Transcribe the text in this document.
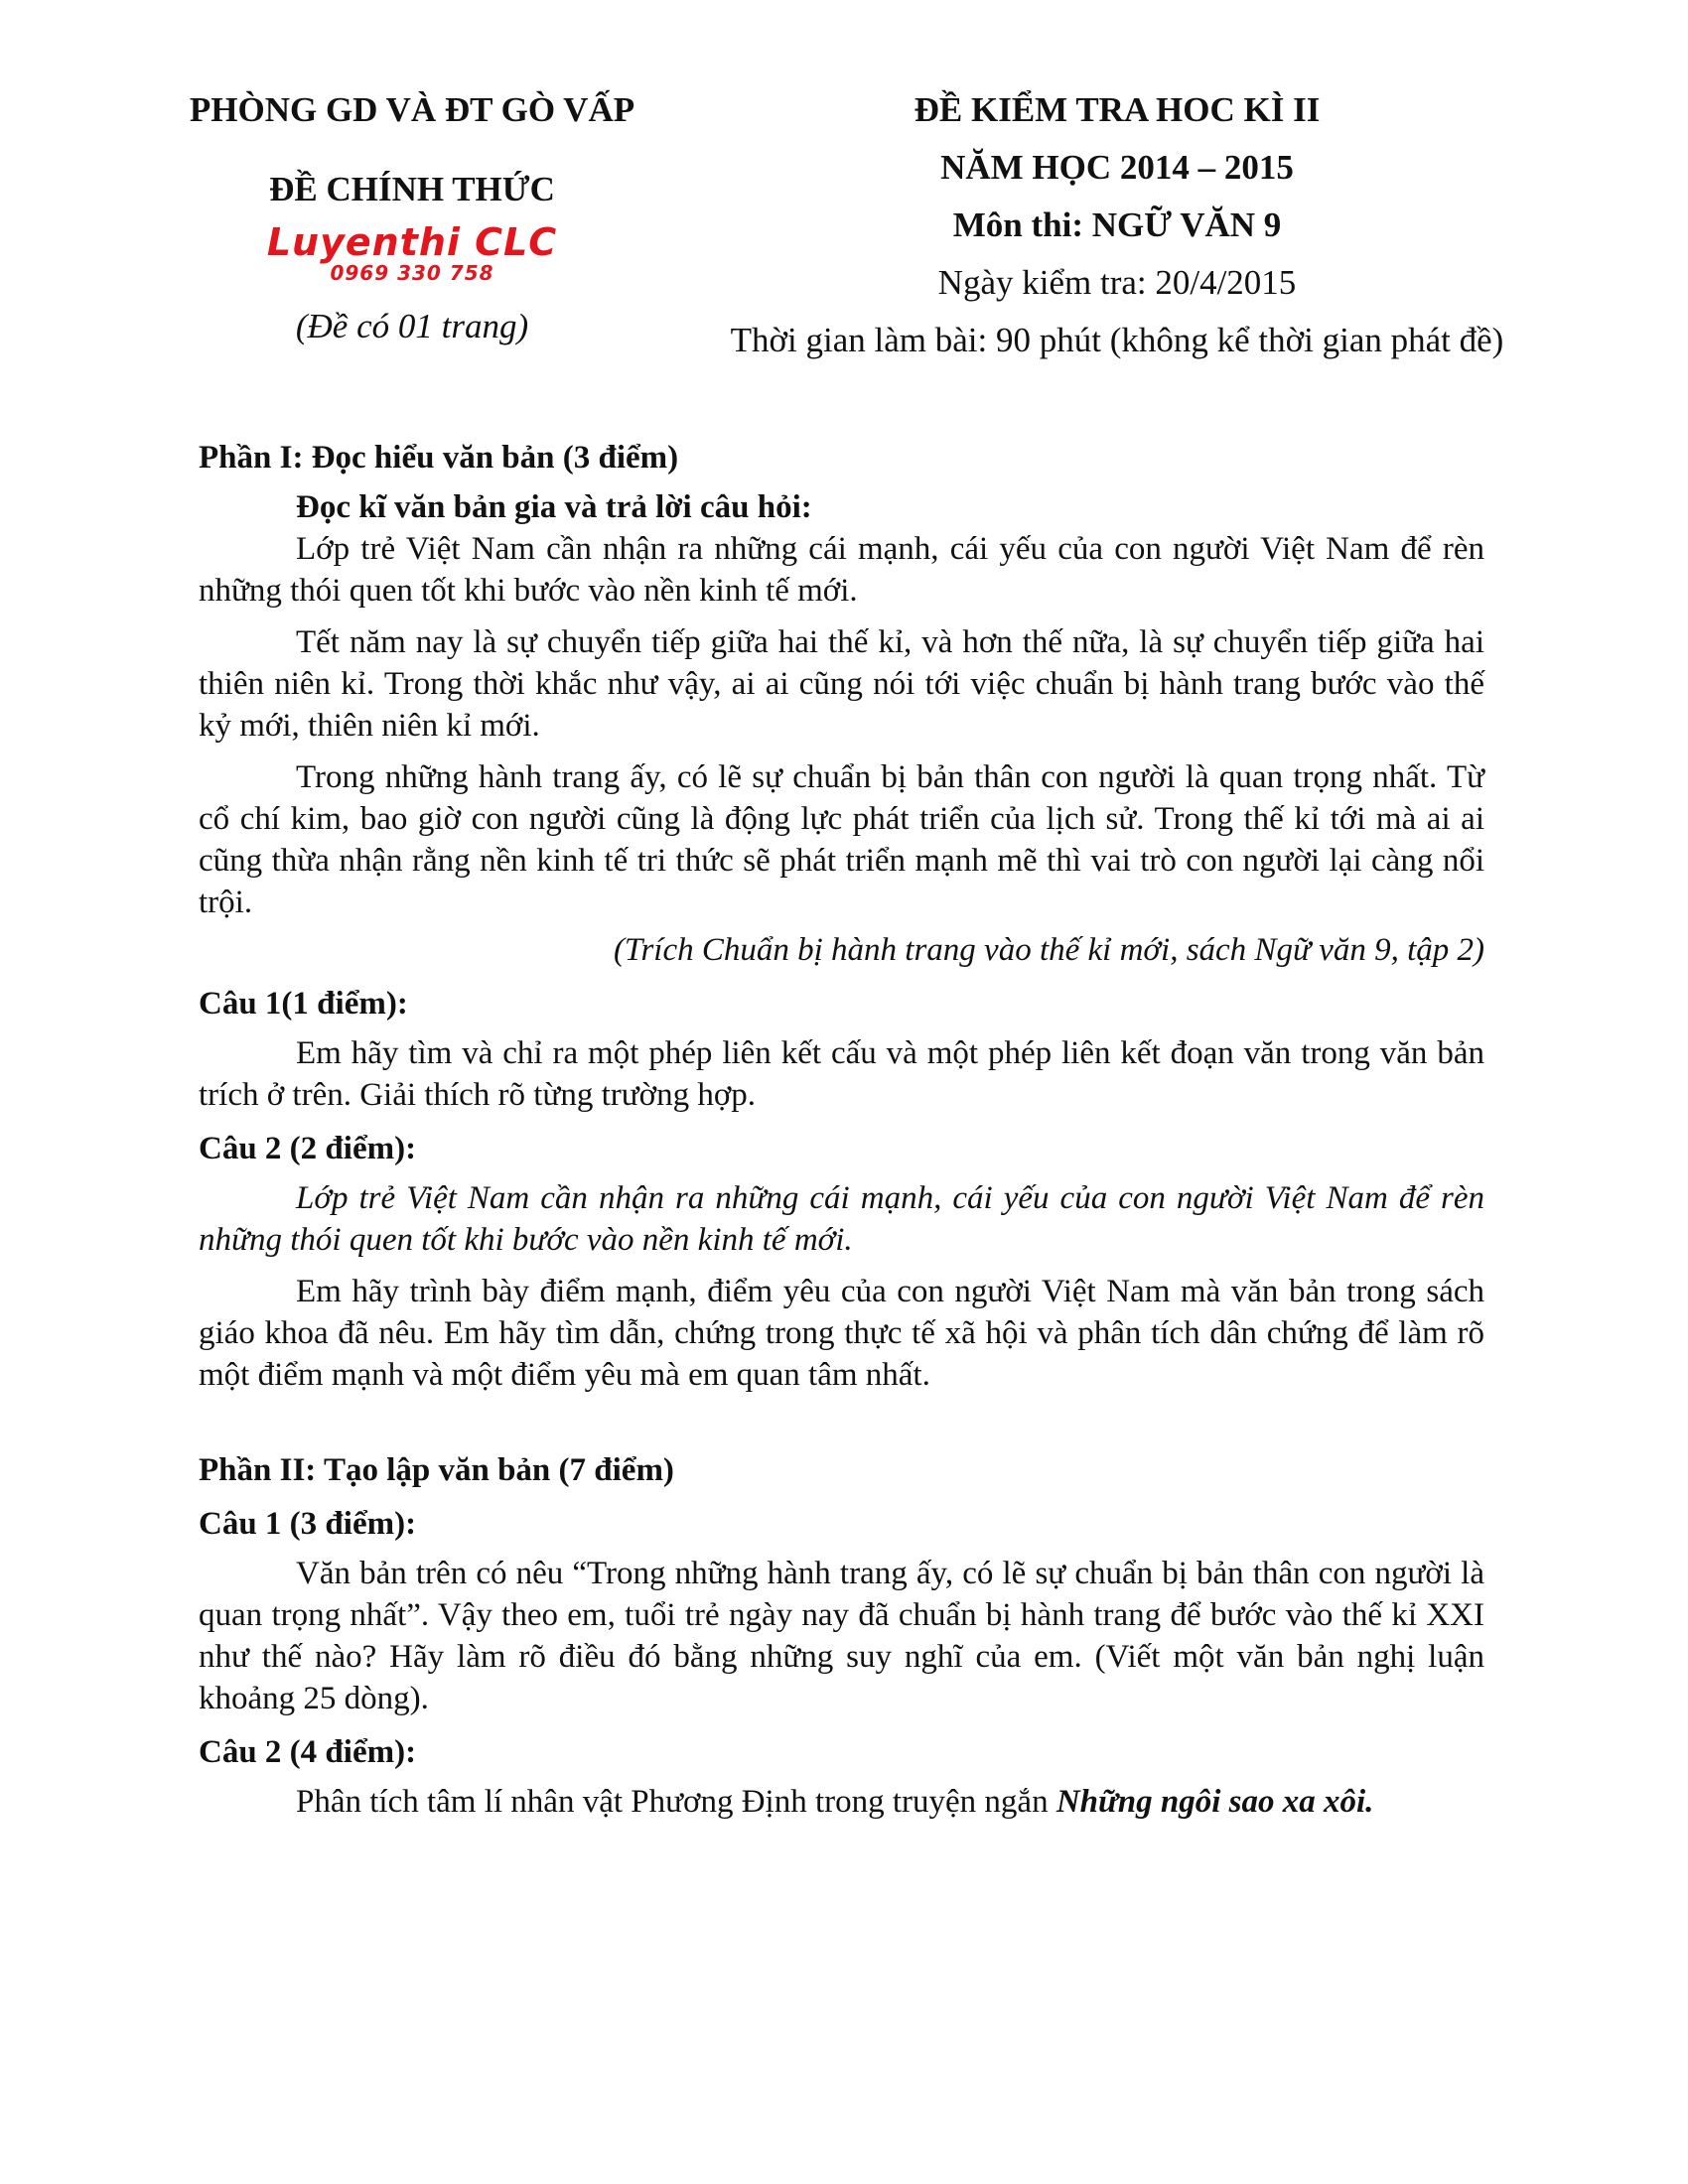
PHÒNG GD VÀ ĐT GÒ VẤP
ĐỀ CHÍNH THỨC
Luyenthi CLC
0969 330 758
(Đề có 01 trang)
ĐỀ KIỂM TRA HOC KÌ II
NĂM HỌC 2014 – 2015
Môn thi: NGỮ VĂN 9
Ngày kiểm tra: 20/4/2015
Thời gian làm bài: 90 phút (không kể thời gian phát đề)

Phần I: Đọc hiểu văn bản (3 điểm)

Đọc kĩ văn bản gia và trả lời câu hỏi:

Lớp trẻ Việt Nam cần nhận ra những cái mạnh, cái yếu của con người Việt Nam để rèn những thói quen tốt khi bước vào nền kinh tế mới.

Tết năm nay là sự chuyển tiếp giữa hai thế kỉ, và hơn thế nữa, là sự chuyển tiếp giữa hai thiên niên kỉ. Trong thời khắc như vậy, ai ai cũng nói tới việc chuẩn bị hành trang bước vào thế kỷ mới, thiên niên kỉ mới.

Trong những hành trang ấy, có lẽ sự chuẩn bị bản thân con người là quan trọng nhất. Từ cổ chí kim, bao giờ con người cũng là động lực phát triển của lịch sử. Trong thế kỉ tới mà ai ai cũng thừa nhận rằng nền kinh tế tri thức sẽ phát triển mạnh mẽ thì vai trò con người lại càng nổi trội.

(Trích Chuẩn bị hành trang vào thế kỉ mới, sách Ngữ văn 9, tập 2)

Câu 1(1 điểm):

Em hãy tìm và chỉ ra một phép liên kết cấu và một phép liên kết đoạn văn trong văn bản trích ở trên. Giải thích rõ từng trường hợp.

Câu 2 (2 điểm):

Lớp trẻ Việt Nam cần nhận ra những cái mạnh, cái yếu của con người Việt Nam để rèn những thói quen tốt khi bước vào nền kinh tế mới.

Em hãy trình bày điểm mạnh, điểm yêu của con người Việt Nam mà văn bản trong sách giáo khoa đã nêu. Em hãy tìm dẫn, chứng trong thực tế xã hội và phân tích dân chứng để làm rõ một điểm mạnh và một điểm yêu mà em quan tâm nhất.

Phần II: Tạo lập văn bản (7 điểm)

Câu 1 (3 điểm):

Văn bản trên có nêu “Trong những hành trang ấy, có lẽ sự chuẩn bị bản thân con người là quan trọng nhất”. Vậy theo em, tuổi trẻ ngày nay đã chuẩn bị hành trang để bước vào thế kỉ XXI như thế nào? Hãy làm rõ điều đó bằng những suy nghĩ của em. (Viết một văn bản nghị luận khoảng 25 dòng).

Câu 2 (4 điểm):

Phân tích tâm lí nhân vật Phương Định trong truyện ngắn Những ngôi sao xa xôi.
